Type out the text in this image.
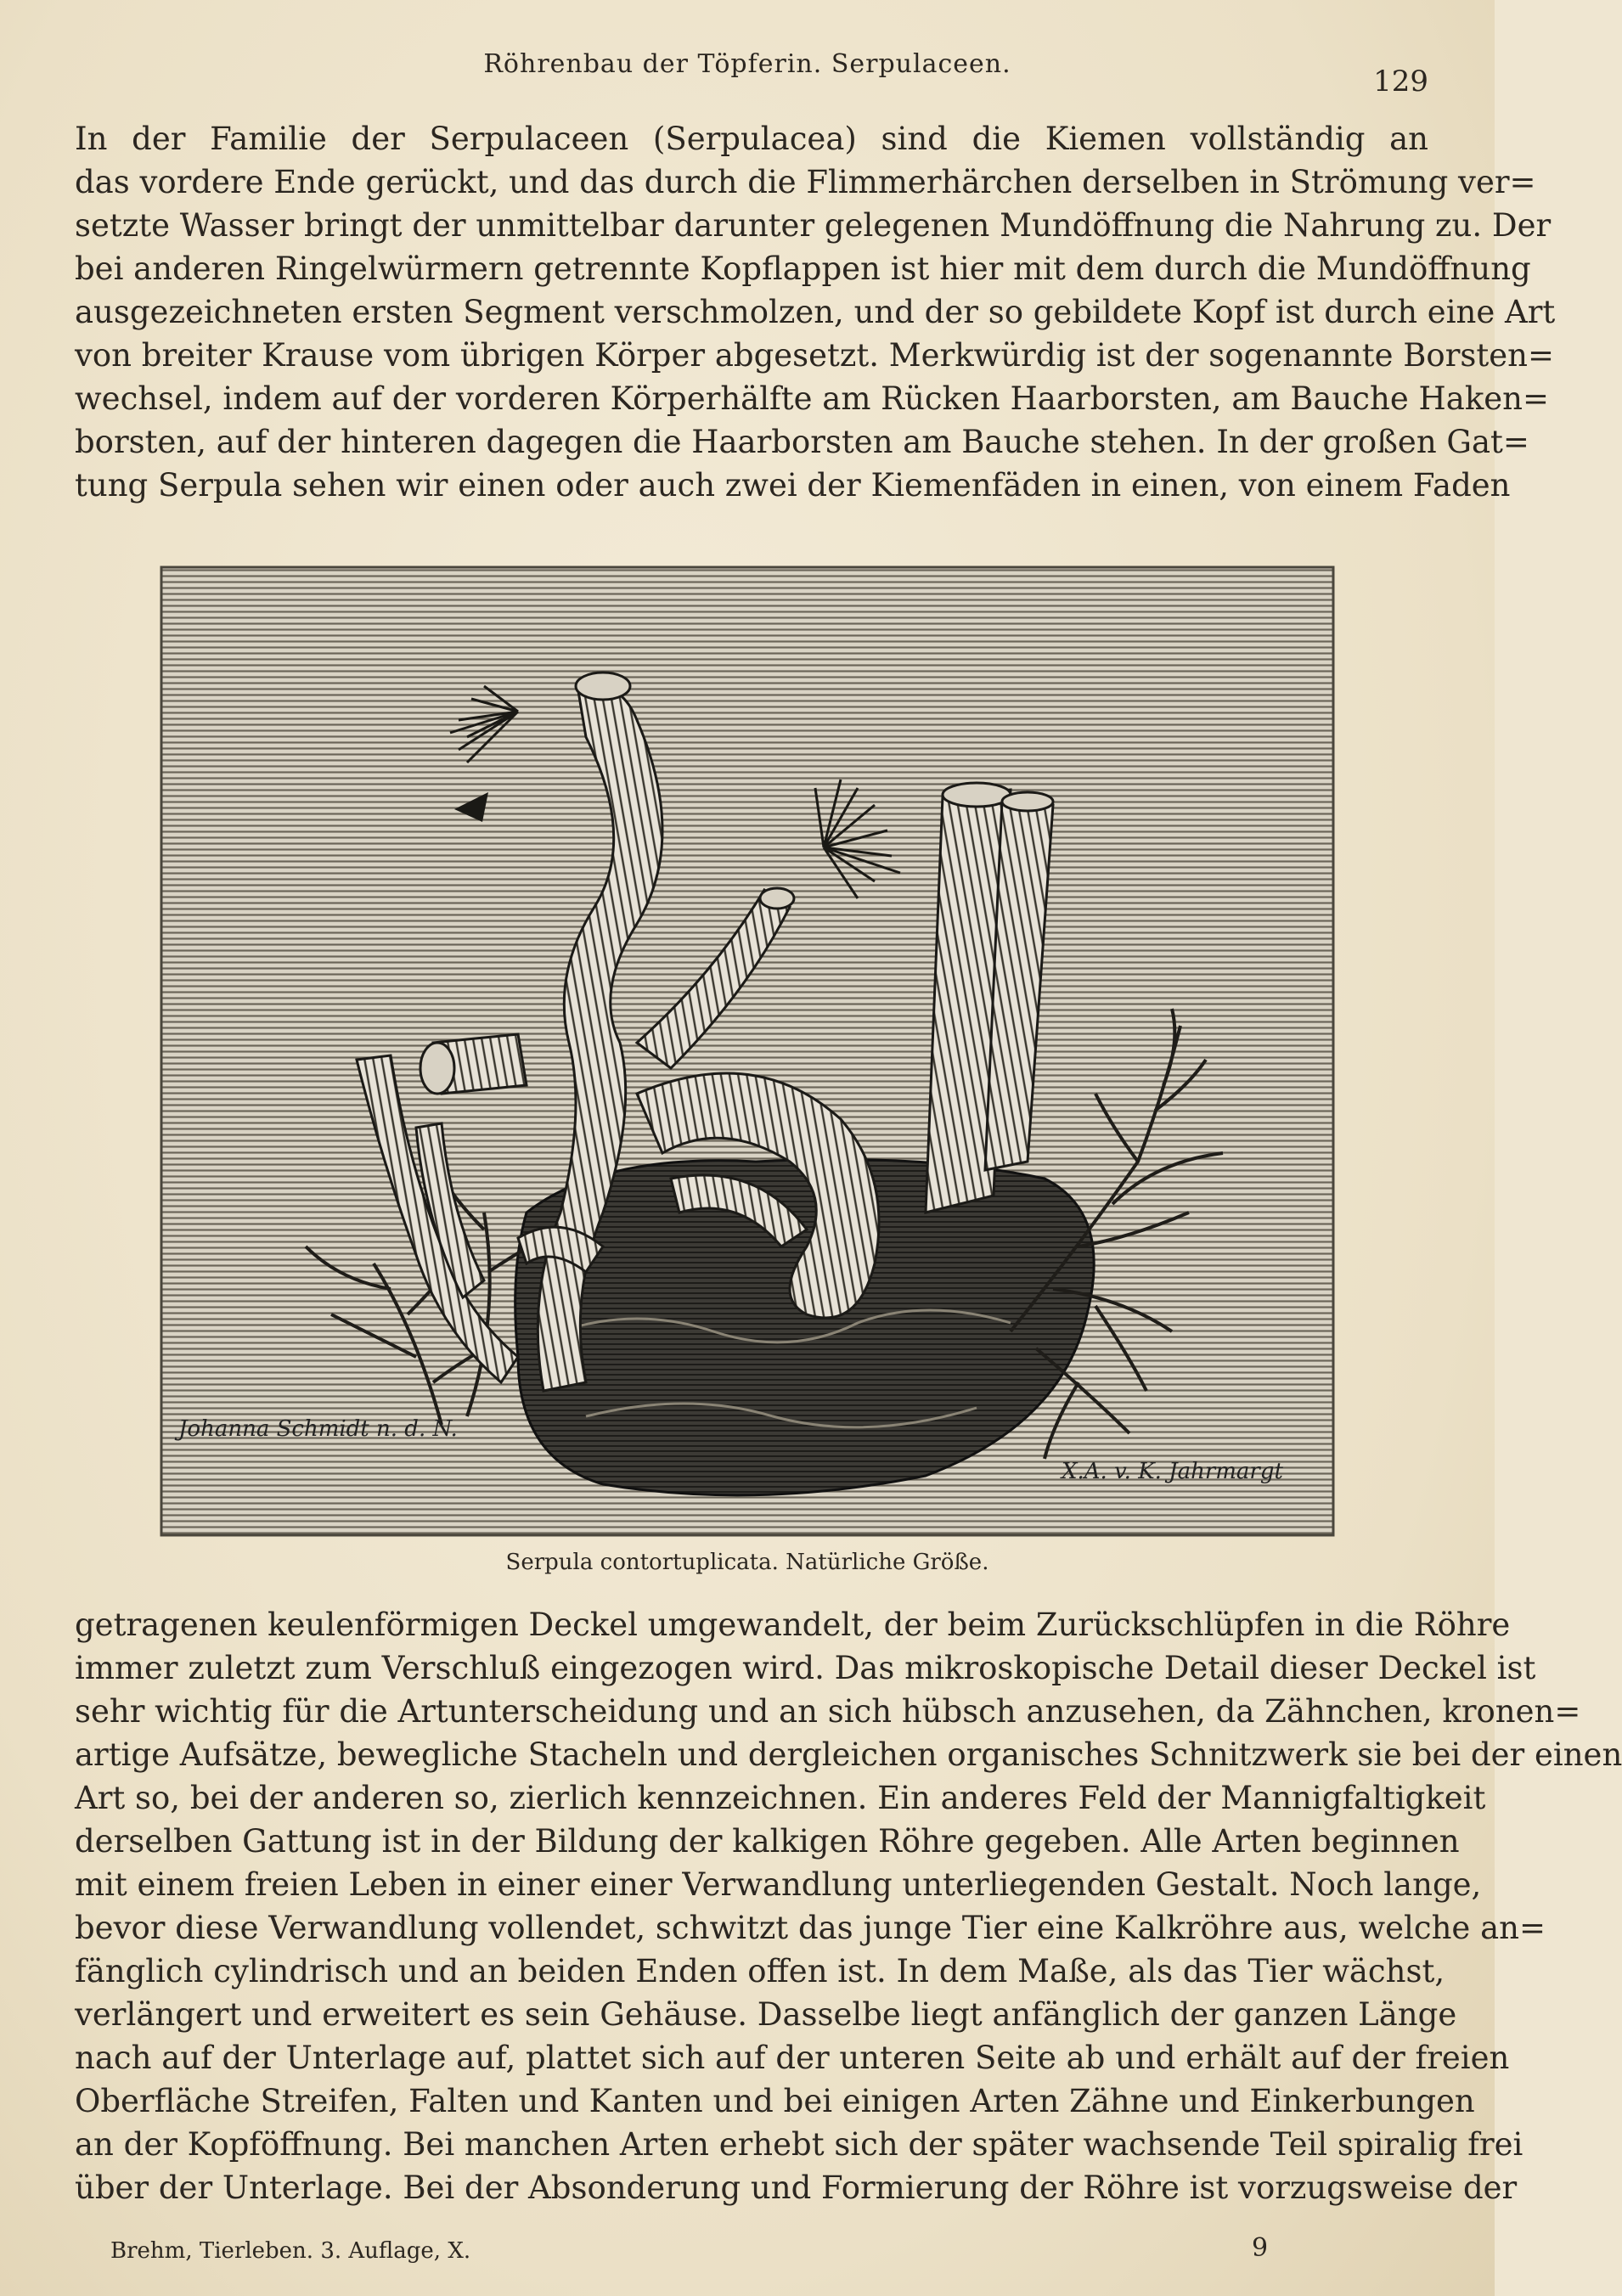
Röhrenbau der Töpferin. Serpulaceen.
129
In der Familie der Serpulaceen (Serpulacea) sind die Kiemen vollständig an
das vordere Ende gerückt, und das durch die Flimmerhärchen derselben in Strömung ver=
setzte Wasser bringt der unmittelbar darunter gelegenen Mundöffnung die Nahrung zu. Der
bei anderen Ringelwürmern getrennte Kopflappen ist hier mit dem durch die Mundöffnung
ausgezeichneten ersten Segment verschmolzen, und der so gebildete Kopf ist durch eine Art
von breiter Krause vom übrigen Körper abgesetzt. Merkwürdig ist der sogenannte Borsten=
wechsel, indem auf der vorderen Körperhälfte am Rücken Haarborsten, am Bauche Haken=
borsten, auf der hinteren dagegen die Haarborsten am Bauche stehen. In der großen Gat=
tung Serpula sehen wir einen oder auch zwei der Kiemenfäden in einen, von einem Faden
Johanna Schmidt n. d. N.
X.A. v. K. Jahrmargt
Serpula contortuplicata. Natürliche Größe.
getragenen keulenförmigen Deckel umgewandelt, der beim Zurückschlüpfen in die Röhre
immer zuletzt zum Verschluß eingezogen wird. Das mikroskopische Detail dieser Deckel ist
sehr wichtig für die Artunterscheidung und an sich hübsch anzusehen, da Zähnchen, kronen=
artige Aufsätze, bewegliche Stacheln und dergleichen organisches Schnitzwerk sie bei der einen
Art so, bei der anderen so, zierlich kennzeichnen. Ein anderes Feld der Mannigfaltigkeit
derselben Gattung ist in der Bildung der kalkigen Röhre gegeben. Alle Arten beginnen
mit einem freien Leben in einer einer Verwandlung unterliegenden Gestalt. Noch lange,
bevor diese Verwandlung vollendet, schwitzt das junge Tier eine Kalkröhre aus, welche an=
fänglich cylindrisch und an beiden Enden offen ist. In dem Maße, als das Tier wächst,
verlängert und erweitert es sein Gehäuse. Dasselbe liegt anfänglich der ganzen Länge
nach auf der Unterlage auf, plattet sich auf der unteren Seite ab und erhält auf der freien
Oberfläche Streifen, Falten und Kanten und bei einigen Arten Zähne und Einkerbungen
an der Kopföffnung. Bei manchen Arten erhebt sich der später wachsende Teil spiralig frei
über der Unterlage. Bei der Absonderung und Formierung der Röhre ist vorzugsweise der
Brehm, Tierleben. 3. Auflage, X.	9
